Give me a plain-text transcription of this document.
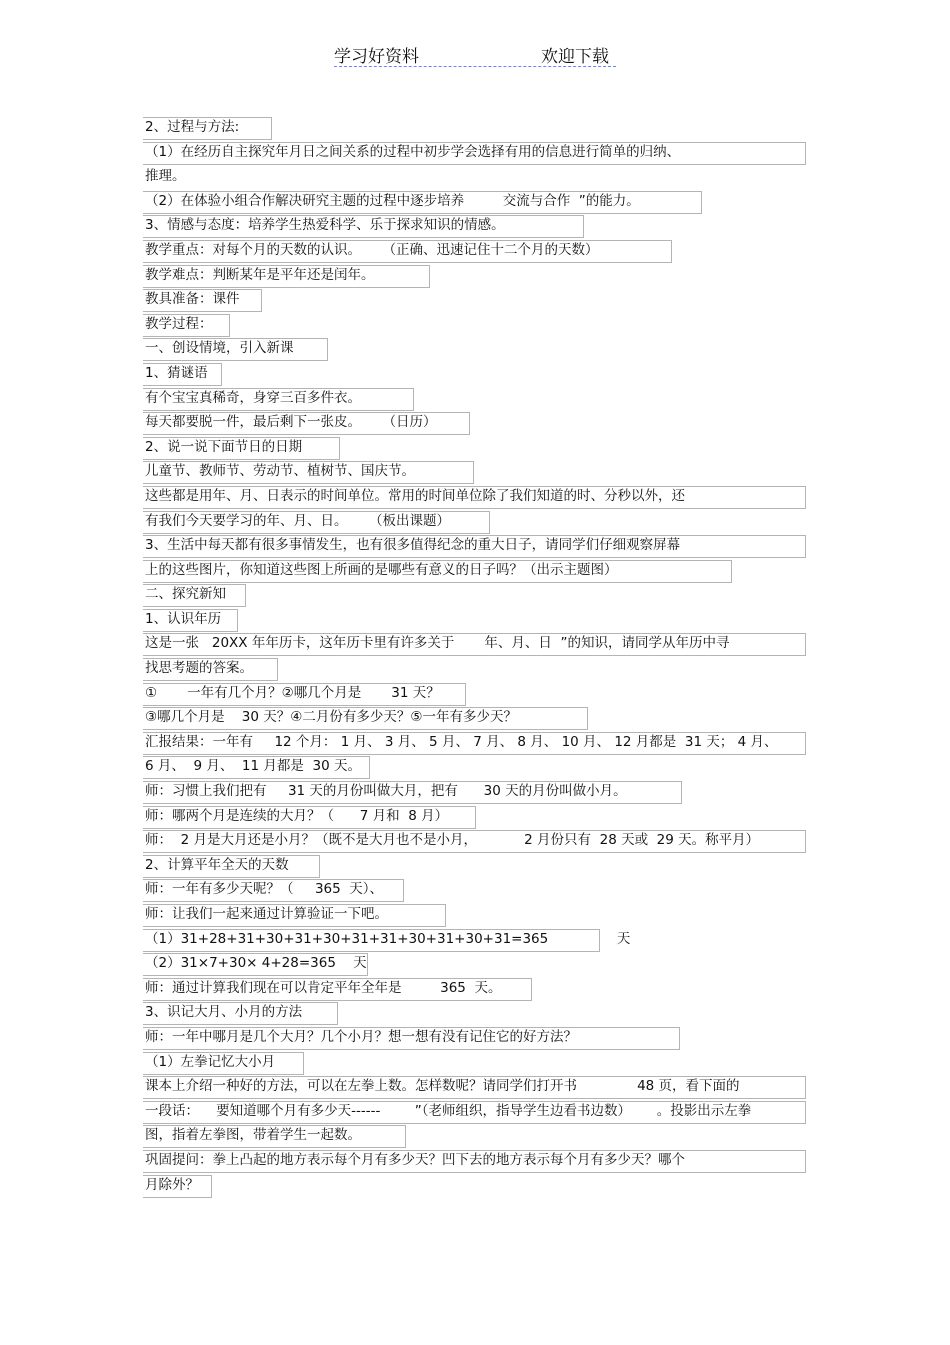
学习好资料	欢迎下载
2、过程与方法:
（1）在经历自主探究年月日之间关系的过程中初步学会选择有用的信息进行简单的归纳、
推理。
（2）在体验小组合作解决研究主题的过程中逐步培养         交流与合作  ”的能力。
3、情感与态度：培养学生热爱科学、乐于探求知识的情感。
教学重点：对每个月的天数的认识。     （正确、迅速记住十二个月的天数）
教学难点：判断某年是平年还是闰年。
教具准备：课件
教学过程：
一、创设情境，引入新课
1、猜谜语
有个宝宝真稀奇，身穿三百多件衣。
每天都要脱一件，最后剩下一张皮。     （日历）
2、说一说下面节日的日期
儿童节、教师节、劳动节、植树节、国庆节。
这些都是用年、月、日表示的时间单位。常用的时间单位除了我们知道的时、分秒以外，还
有我们今天要学习的年、月、日。     （板出课题）
3、生活中每天都有很多事情发生，也有很多值得纪念的重大日子，请同学们仔细观察屏幕
上的这些图片，你知道这些图上所画的是哪些有意义的日子吗？（出示主题图）
二、探究新知
1、认识年历
这是一张   20XX 年年历卡，这年历卡里有许多关于       年、月、日  ”的知识，请同学从年历中寻
找思考题的答案。
①       一年有几个月？②哪几个月是       31 天？
③哪几个月是    30 天？④二月份有多少天？⑤一年有多少天？
汇报结果：一年有     12 个月： 1 月、 3 月、 5 月、 7 月、 8 月、 10 月、 12 月都是  31 天； 4 月、
6 月、  9 月、  11 月都是  30 天。
师：习惯上我们把有     31 天的月份叫做大月，把有      30 天的月份叫做小月。
师：哪两个月是连续的大月？（      7 月和  8 月）
师：  2 月是大月还是小月？（既不是大月也不是小月，           2 月份只有  28 天或  29 天。称平月）
2、计算平年全天的天数
师：一年有多少天呢？（     365  天）、
师：让我们一起来通过计算验证一下吧。
（1）31+28+31+30+31+30+31+31+30+31+30+31=365                天
（2）31×7+30× 4+28=365    天
师：通过计算我们现在可以肯定平年全年是         365  天。
3、识记大月、小月的方法
师：一年中哪月是几个大月？几个小月？想一想有没有记住它的好方法？
（1）左拳记忆大小月
课本上介绍一种好的方法，可以在左拳上数。怎样数呢？请同学们打开书              48 页，看下面的
一段话：    要知道哪个月有多少天------        ”（老师组织，指导学生边看书边数）      。投影出示左拳
图，指着左拳图，带着学生一起数。
巩固提问：拳上凸起的地方表示每个月有多少天？凹下去的地方表示每个月有多少天？哪个
月除外？
